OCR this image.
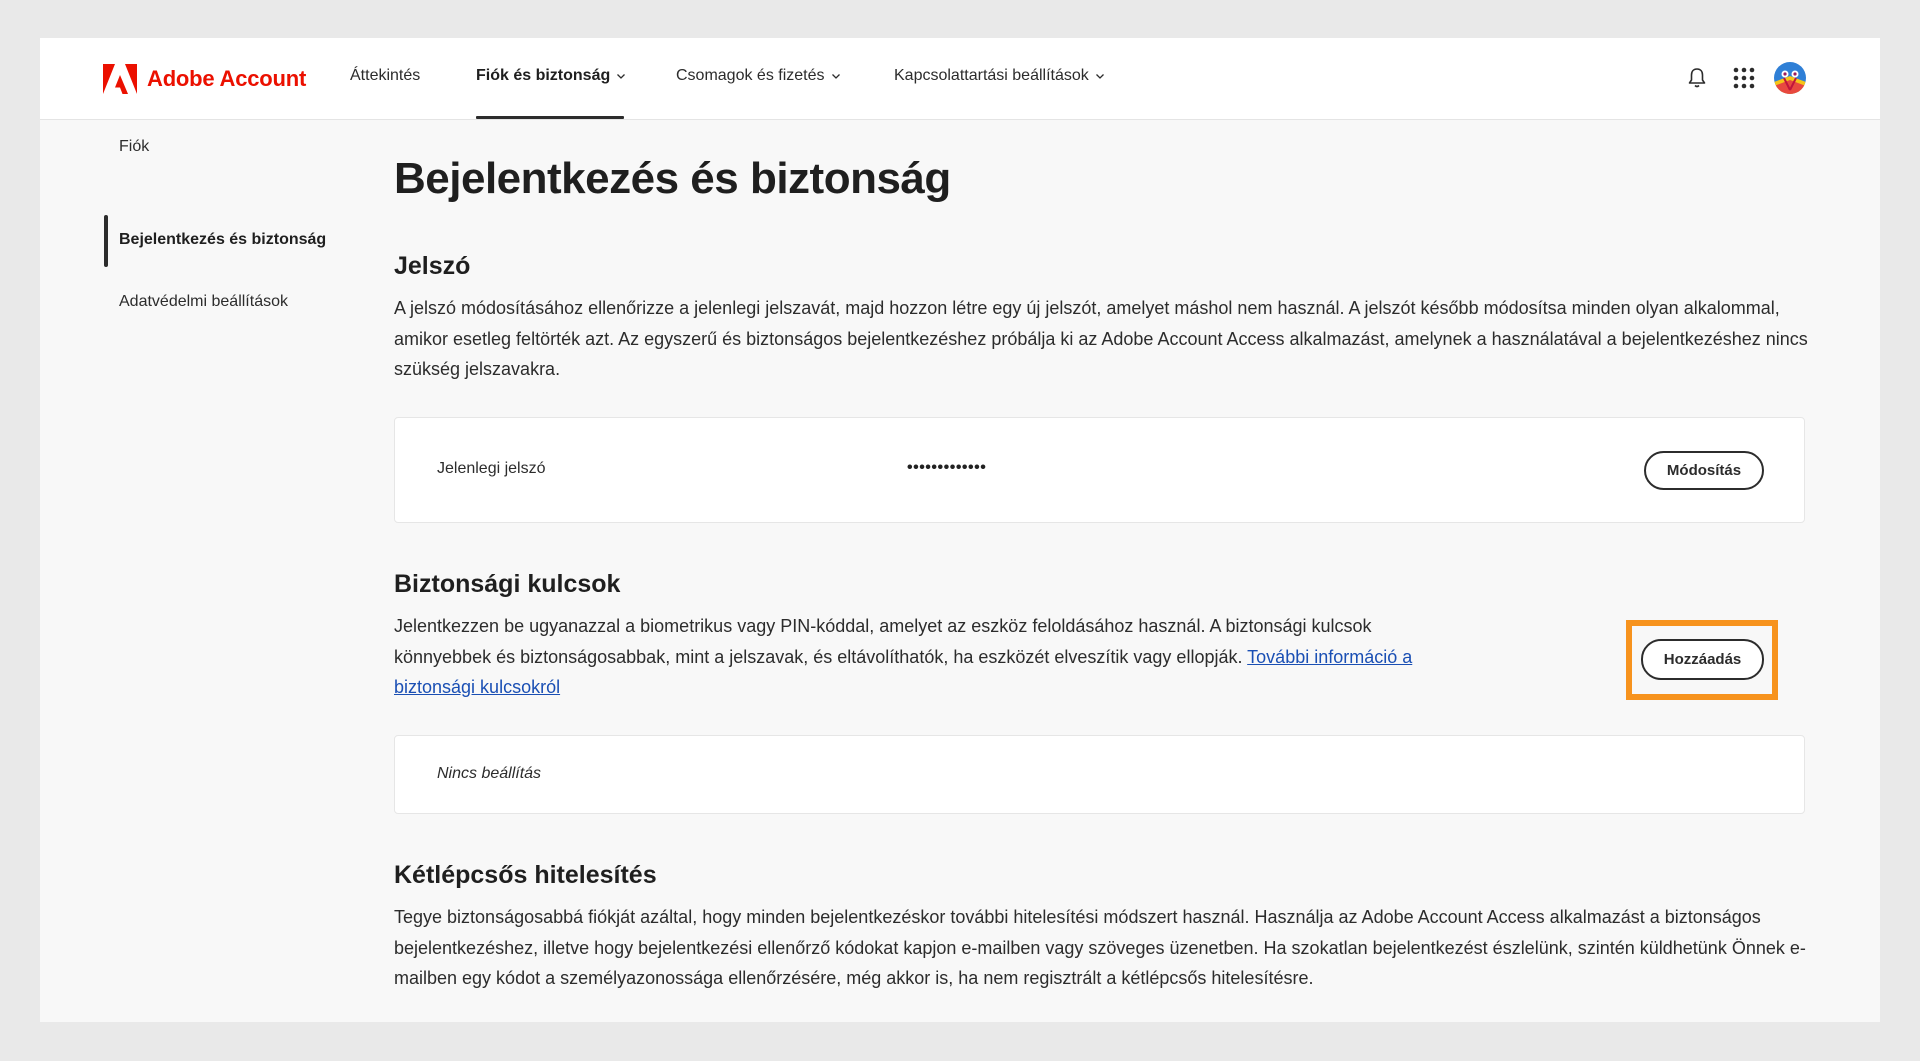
Adobe Account	Áttekintés	Fiók és biztonság	Csomagok és fizetés	Kapcsolattartási beállítások
Fiók
Bejelentkezés és biztonság
Adatvédelmi beállítások
Bejelentkezés és biztonság
Jelszó

A jelszó módosításához ellenőrizze a jelenlegi jelszavát, majd hozzon létre egy új jelszót, amelyet máshol nem használ. A jelszót később módosítsa minden olyan alkalommal, amikor esetleg feltörték azt. Az egyszerű és biztonságos bejelentkezéshez próbálja ki az Adobe Account Access alkalmazást, amelynek a használatával a bejelentkezéshez nincs szükség jelszavakra.

Jelenlegi jelszó	•••••••••••••	Módosítás
Biztonsági kulcsok

Jelentkezzen be ugyanazzal a biometrikus vagy PIN-kóddal, amelyet az eszköz feloldásához használ. A biztonsági kulcsok könnyebbek és biztonságosabbak, mint a jelszavak, és eltávolíthatók, ha eszközét elveszítik vagy ellopják. További információ a biztonsági kulcsokról

Hozzáadás
Nincs beállítás
Kétlépcsős hitelesítés

Tegye biztonságosabbá fiókját azáltal, hogy minden bejelentkezéskor további hitelesítési módszert használ. Használja az Adobe Account Access alkalmazást a biztonságos bejelentkezéshez, illetve hogy bejelentkezési ellenőrző kódokat kapjon e-mailben vagy szöveges üzenetben. Ha szokatlan bejelentkezést észlelünk, szintén küldhetünk Önnek e-mailben egy kódot a személyazonossága ellenőrzésére, még akkor is, ha nem regisztrált a kétlépcsős hitelesítésre.
